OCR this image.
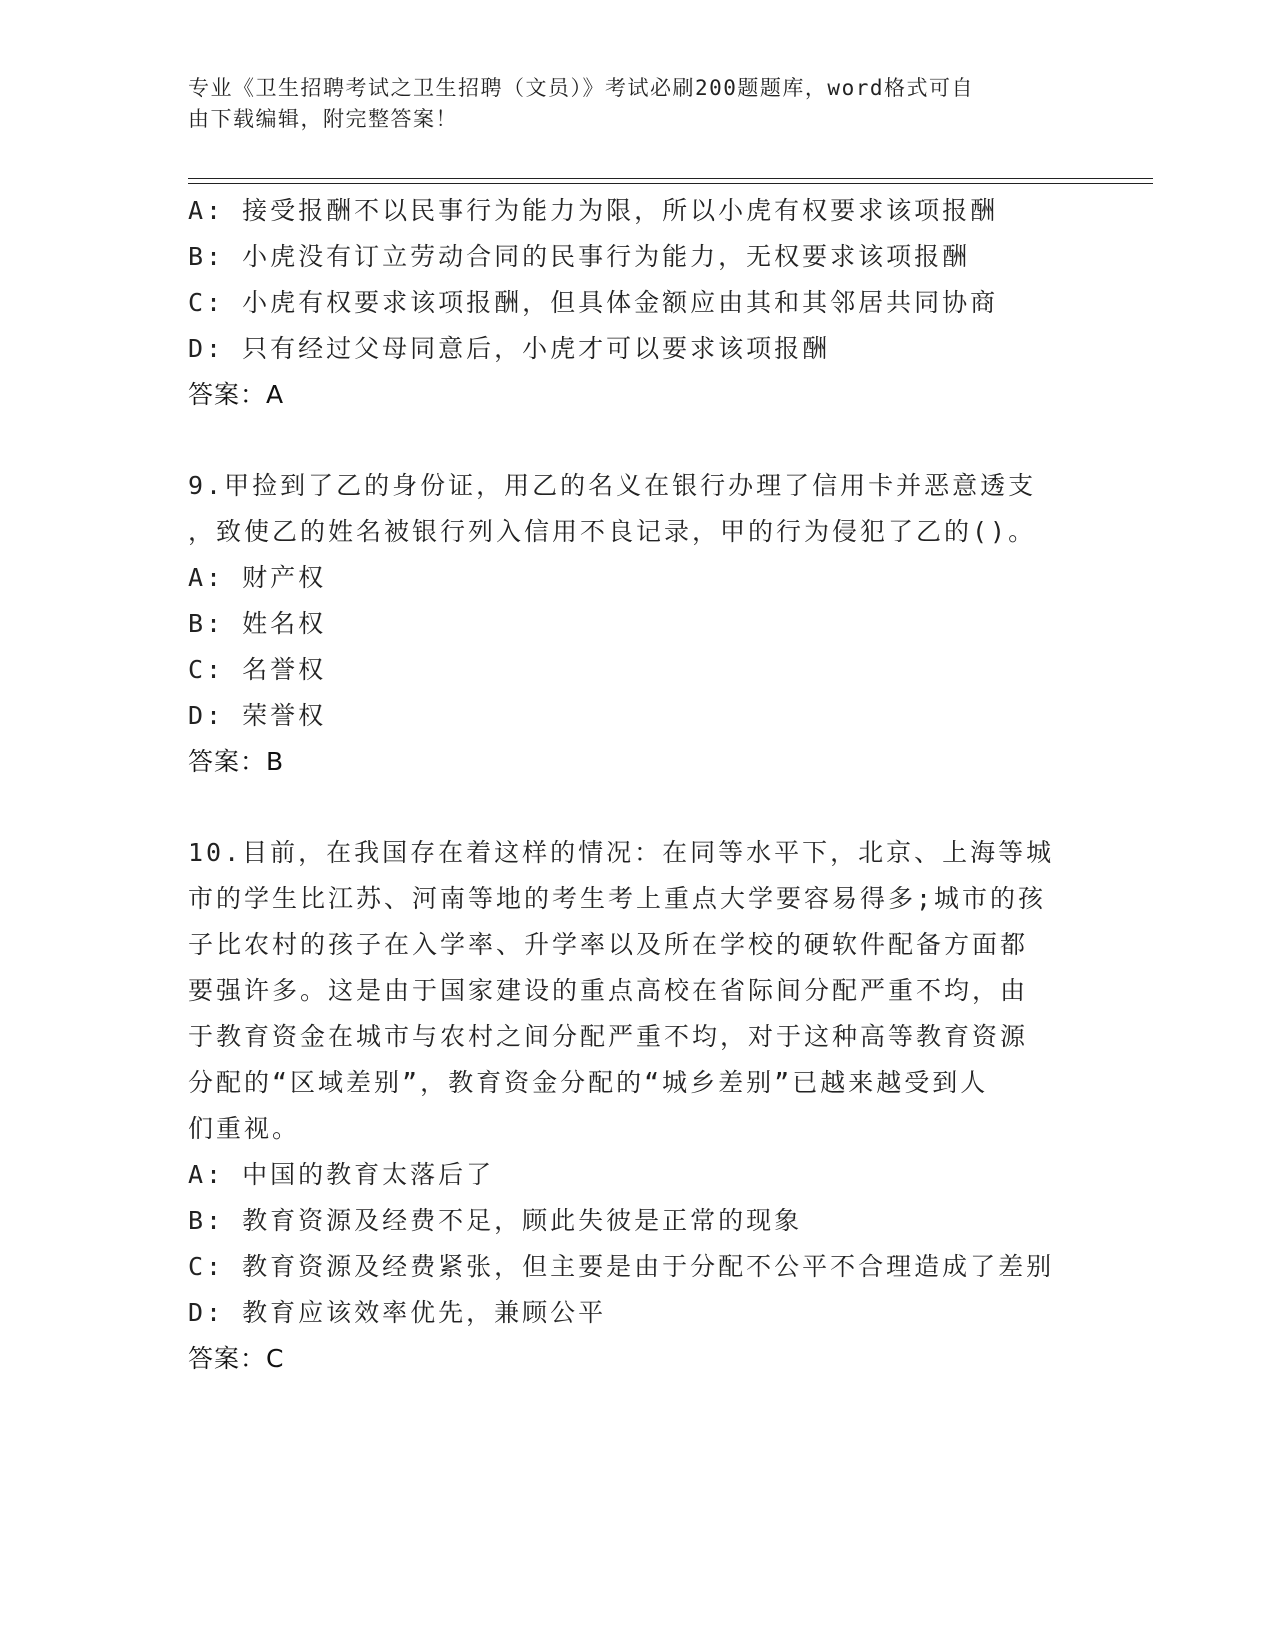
专业《卫生招聘考试之卫生招聘（文员）》考试必刷200题题库，word格式可自
由下载编辑，附完整答案！
A: 接受报酬不以民事行为能力为限，所以小虎有权要求该项报酬
B: 小虎没有订立劳动合同的民事行为能力，无权要求该项报酬
C: 小虎有权要求该项报酬，但具体金额应由其和其邻居共同协商
D: 只有经过父母同意后，小虎才可以要求该项报酬
答案：A
9.甲捡到了乙的身份证，用乙的名义在银行办理了信用卡并恶意透支
，致使乙的姓名被银行列入信用不良记录，甲的行为侵犯了乙的()。
A: 财产权
B: 姓名权
C: 名誉权
D: 荣誉权
答案：B
10.目前，在我国存在着这样的情况：在同等水平下，北京、上海等城
市的学生比江苏、河南等地的考生考上重点大学要容易得多;城市的孩
子比农村的孩子在入学率、升学率以及所在学校的硬软件配备方面都
要强许多。这是由于国家建设的重点高校在省际间分配严重不均，由
于教育资金在城市与农村之间分配严重不均，对于这种高等教育资源
分配的“区域差别”，教育资金分配的“城乡差别”已越来越受到人
们重视。
A: 中国的教育太落后了
B: 教育资源及经费不足，顾此失彼是正常的现象
C: 教育资源及经费紧张，但主要是由于分配不公平不合理造成了差别
D: 教育应该效率优先，兼顾公平
答案：C
